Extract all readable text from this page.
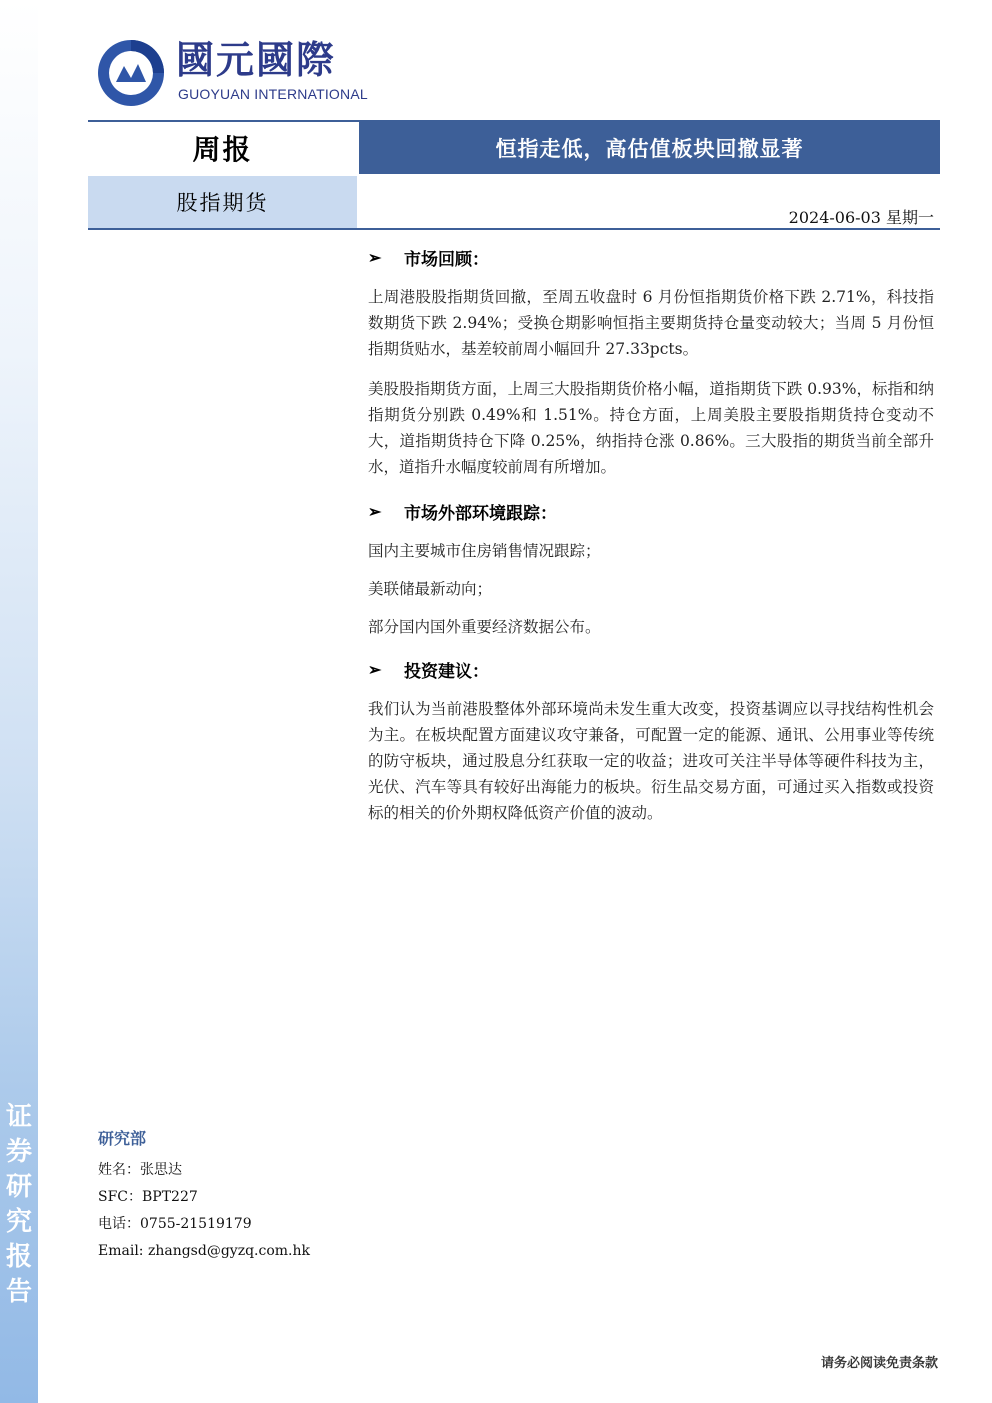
证
券
研
究
报
告
國元國際
GUOYUAN INTERNATIONAL
周报	恒指走低，高估值板块回撤显著
股指期货
2024-06-03 星期一
➢ 市场回顾：

上周港股股指期货回撤，至周五收盘时 6 月份恒指期货价格下跌 2.71%，科技指数期货下跌 2.94%；受换仓期影响恒指主要期货持仓量变动较大；当周 5 月份恒指期货贴水，基差较前周小幅回升 27.33pcts。

美股股指期货方面，上周三大股指期货价格小幅，道指期货下跌 0.93%，标指和纳指期货分别跌 0.49%和 1.51%。持仓方面，上周美股主要股指期货持仓变动不大，道指期货持仓下降 0.25%，纳指持仓涨 0.86%。三大股指的期货当前全部升水，道指升水幅度较前周有所增加。

➢ 市场外部环境跟踪：

国内主要城市住房销售情况跟踪；

美联储最新动向；

部分国内国外重要经济数据公布。

➢ 投资建议：

我们认为当前港股整体外部环境尚未发生重大改变，投资基调应以寻找结构性机会为主。在板块配置方面建议攻守兼备，可配置一定的能源、通讯、公用事业等传统的防守板块，通过股息分红获取一定的收益；进攻可关注半导体等硬件科技为主，光伏、汽车等具有较好出海能力的板块。衍生品交易方面，可通过买入指数或投资标的相关的价外期权降低资产价值的波动。

研究部
姓名：张思达
SFC：BPT227
电话：0755-21519179
Email: zhangsd@gyzq.com.hk
请务必阅读免责条款
